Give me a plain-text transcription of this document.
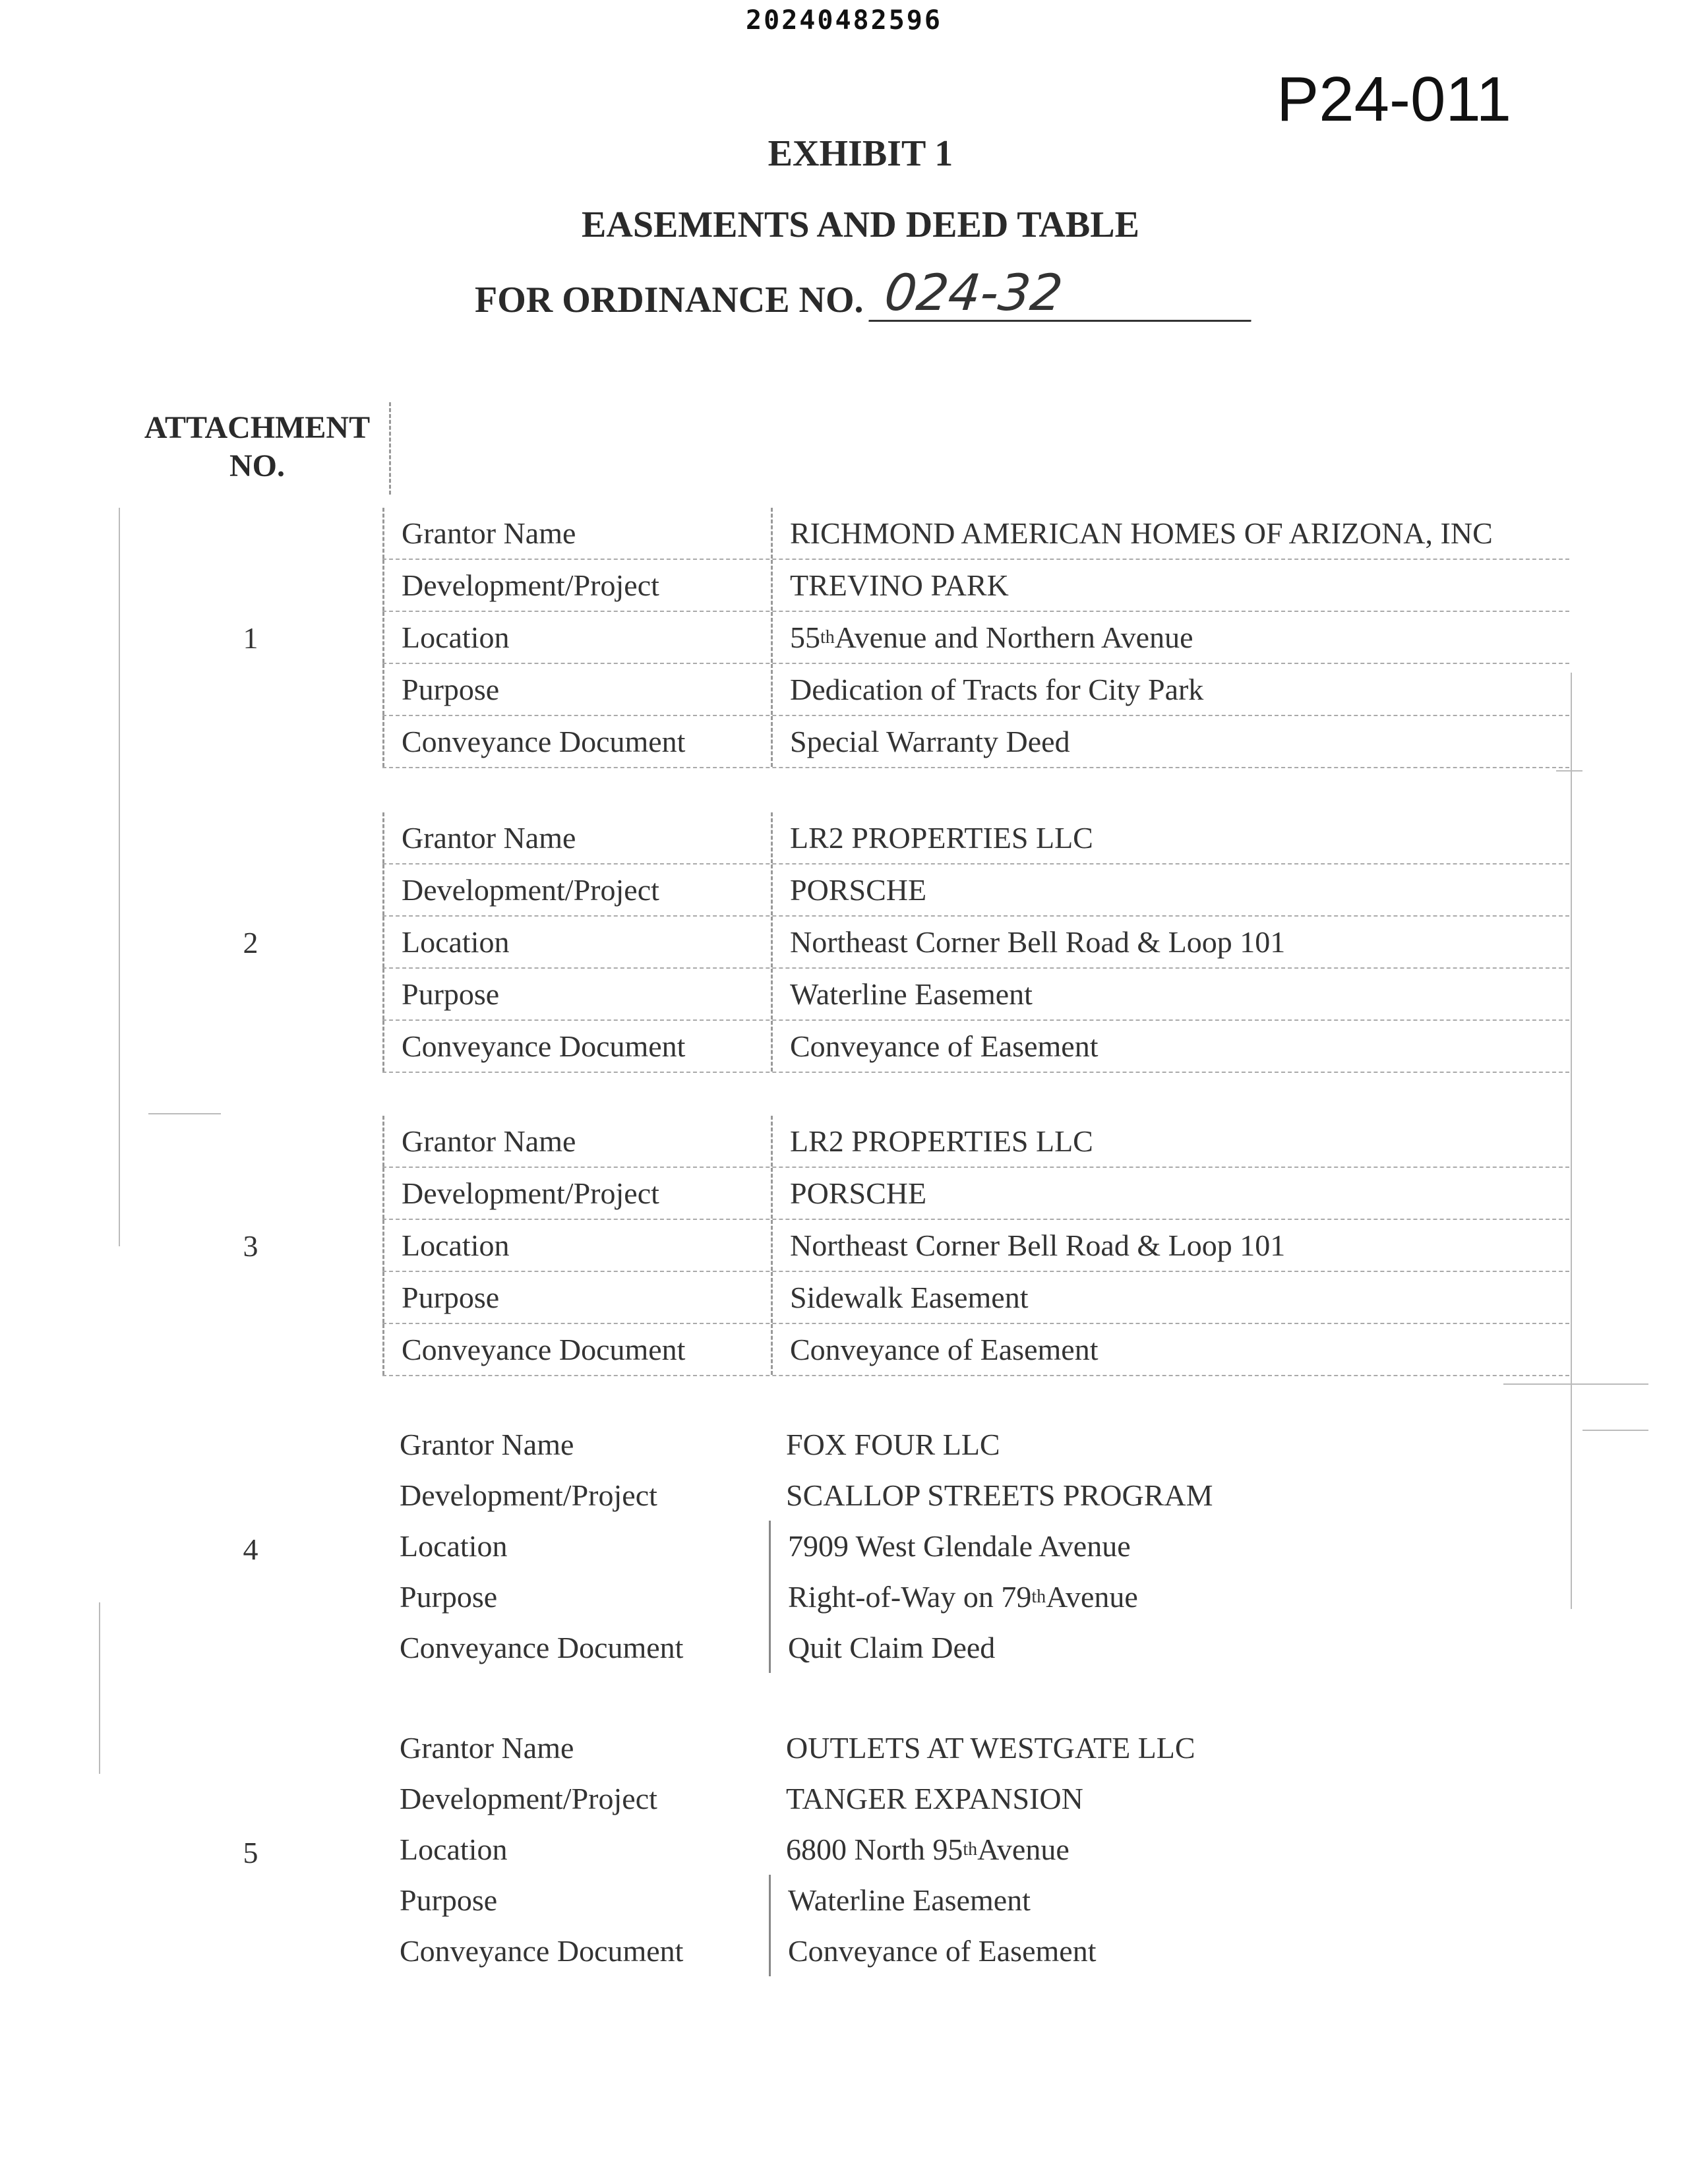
20240482596
P24-011
EXHIBIT 1
EASEMENTS AND DEED TABLE
FOR ORDINANCE NO. 024-32
ATTACHMENT
NO.
1
Grantor Name	RICHMOND AMERICAN HOMES OF ARIZONA, INC
Development/Project	TREVINO PARK
Location	55 th Avenue and Northern Avenue
Purpose	Dedication of Tracts for City Park
Conveyance Document	Special Warranty Deed
2
Grantor Name	LR2 PROPERTIES LLC
Development/Project	PORSCHE
Location	Northeast Corner Bell Road & Loop 101
Purpose	Waterline Easement
Conveyance Document	Conveyance of Easement
3
Grantor Name	LR2 PROPERTIES LLC
Development/Project	PORSCHE
Location	Northeast Corner Bell Road & Loop 101
Purpose	Sidewalk Easement
Conveyance Document	Conveyance of Easement
4
Grantor Name	FOX FOUR LLC
Development/Project	SCALLOP STREETS PROGRAM
Location	7909 West Glendale Avenue
Purpose	Right-of-Way on 79 th Avenue
Conveyance Document	Quit Claim Deed
5
Grantor Name	OUTLETS AT WESTGATE LLC
Development/Project	TANGER EXPANSION
Location	6800 North 95 th Avenue
Purpose	Waterline Easement
Conveyance Document	Conveyance of Easement
